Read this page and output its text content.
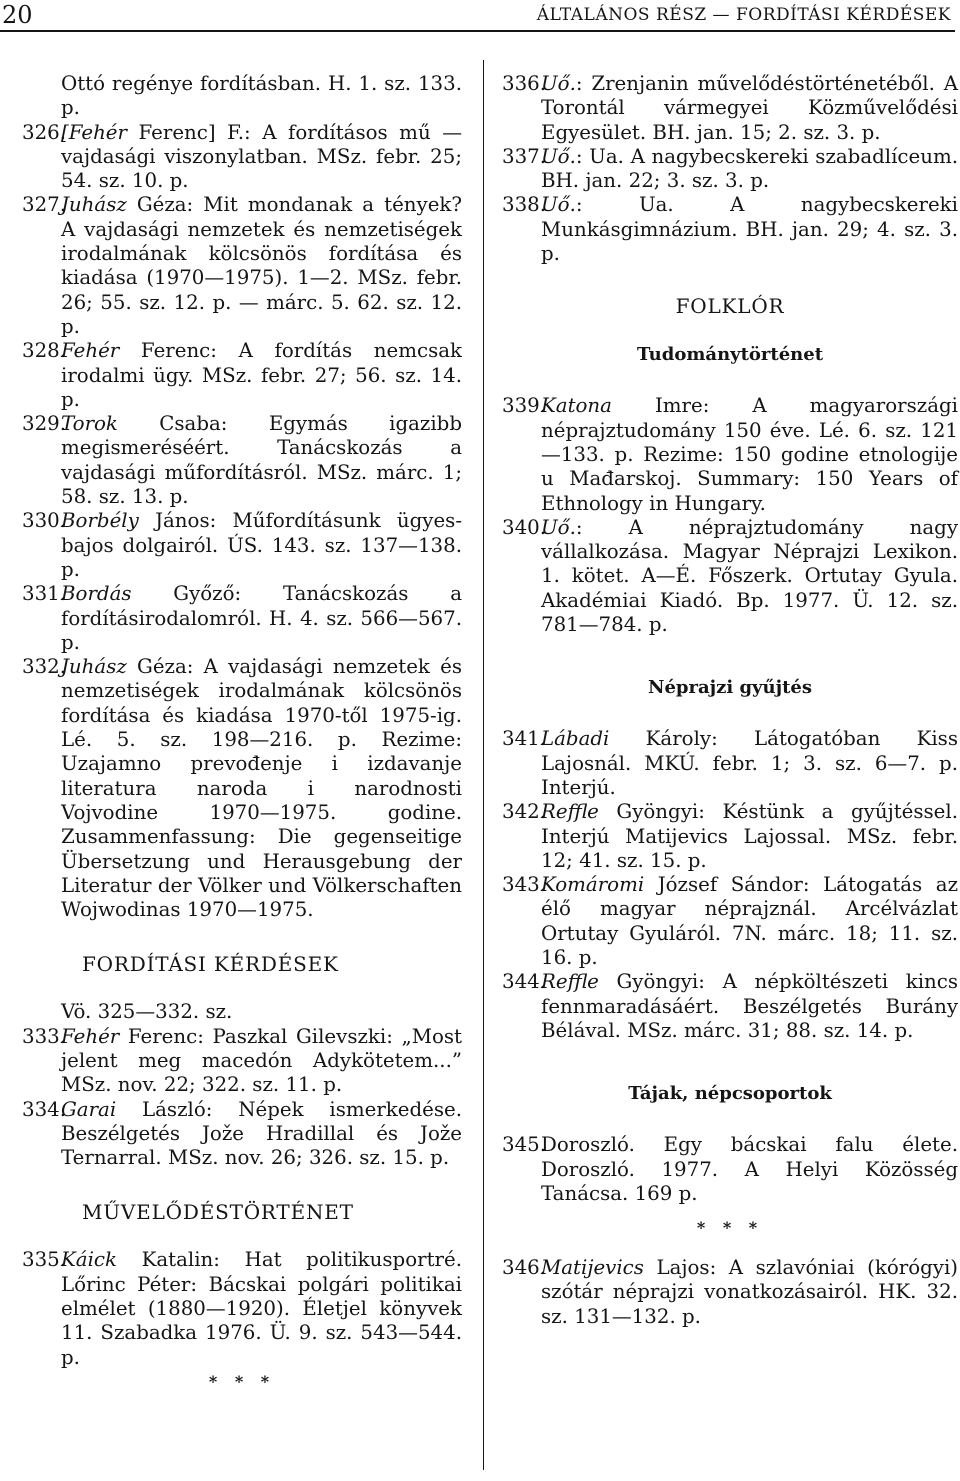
20	ÁLTALÁNOS RÉSZ — FORDÍTÁSI KÉRDÉSEK
Ottó regénye fordításban. H. 1. sz. 133. p.
326.
[Fehér Ferenc] F.: A fordításos mű — vajdasági viszonylatban. MSz. febr. 25; 54. sz. 10. p.
327.
Juhász Géza: Mit mondanak a tények? A vajdasági nemzetek és nemzetiségek irodalmának kölcsönös fordítása és kiadása (1970—1975). 1—2. MSz. febr. 26; 55. sz. 12. p. — márc. 5. 62. sz. 12. p.
328.
Fehér Ferenc: A fordítás nemcsak irodalmi ügy. MSz. febr. 27; 56. sz. 14. p.
329.
Torok Csaba: Egymás igazibb megismeréséért. Tanácskozás a vajdasági műfordításról. MSz. márc. 1; 58. sz. 13. p.
330.
Borbély János: Műfordításunk ügyes-bajos dolgairól. ÚS. 143. sz. 137—138. p.
331.
Bordás Győző: Tanácskozás a fordításirodalomról. H. 4. sz. 566—567. p.
332.
Juhász Géza: A vajdasági nemzetek és nemzetiségek irodalmának kölcsönös fordítása és kiadása 1970-től 1975-ig. Lé. 5. sz. 198—216. p. Rezime: Uzajamno prevođenje i izdavanje literatura naroda i narodnosti Vojvodine 1970—1975. godine. Zusammenfassung: Die gegenseitige Übersetzung und Herausgebung der Literatur der Völker und Völkerschaften Wojwodinas 1970—1975.
FORDÍTÁSI KÉRDÉSEK
Vö. 325—332. sz.
333.
Fehér Ferenc: Paszkal Gilevszki: „Most jelent meg macedón Adykötetem...” MSz. nov. 22; 322. sz. 11. p.
334.
Garai László: Népek ismerkedése. Beszélgetés Jože Hradillal és Jože Ternarral. MSz. nov. 26; 326. sz. 15. p.
MŰVELŐDÉSTÖRTÉNET
335.
Káick Katalin: Hat politikusportré. Lőrinc Péter: Bácskai polgári politikai elmélet (1880—1920). Életjel könyvek 11. Szabadka 1976. Ü. 9. sz. 543—544. p.
* * *
336.
Uő.: Zrenjanin művelődéstörténetéből. A Torontál vármegyei Közművelődési Egyesület. BH. jan. 15; 2. sz. 3. p.
337.
Uő.: Ua. A nagybecskereki szabadlíceum. BH. jan. 22; 3. sz. 3. p.
338.
Uő.: Ua. A nagybecskereki Munkásgimnázium. BH. jan. 29; 4. sz. 3. p.
FOLKLÓR
Tudománytörténet
339.
Katona Imre: A magyarországi néprajztudomány 150 éve. Lé. 6. sz. 121—133. p. Rezime: 150 godine etnologije u Mađarskoj. Summary: 150 Years of Ethnology in Hungary.
340.
Uő.: A néprajztudomány nagy vállalkozása. Magyar Néprajzi Lexikon. 1. kötet. A—É. Főszerk. Ortutay Gyula. Akadémiai Kiadó. Bp. 1977. Ü. 12. sz. 781—784. p.
Néprajzi gyűjtés
341.
Lábadi Károly: Látogatóban Kiss Lajosnál. MKÚ. febr. 1; 3. sz. 6—7. p. Interjú.
342.
Reffle Gyöngyi: Késtünk a gyűjtéssel. Interjú Matijevics Lajossal. MSz. febr. 12; 41. sz. 15. p.
343.
Komáromi József Sándor: Látogatás az élő magyar néprajznál. Arcélvázlat Ortutay Gyuláról. 7N. márc. 18; 11. sz. 16. p.
344.
Reffle Gyöngyi: A népköltészeti kincs fennmaradásáért. Beszélgetés Burány Bélával. MSz. márc. 31; 88. sz. 14. p.
Tájak, népcsoportok
345.
Doroszló. Egy bácskai falu élete. Doroszló. 1977. A Helyi Közösség Tanácsa. 169 p.
* * *
346.
Matijevics Lajos: A szlavóniai (kórógyi) szótár néprajzi vonatkozásairól. HK. 32. sz. 131—132. p.
